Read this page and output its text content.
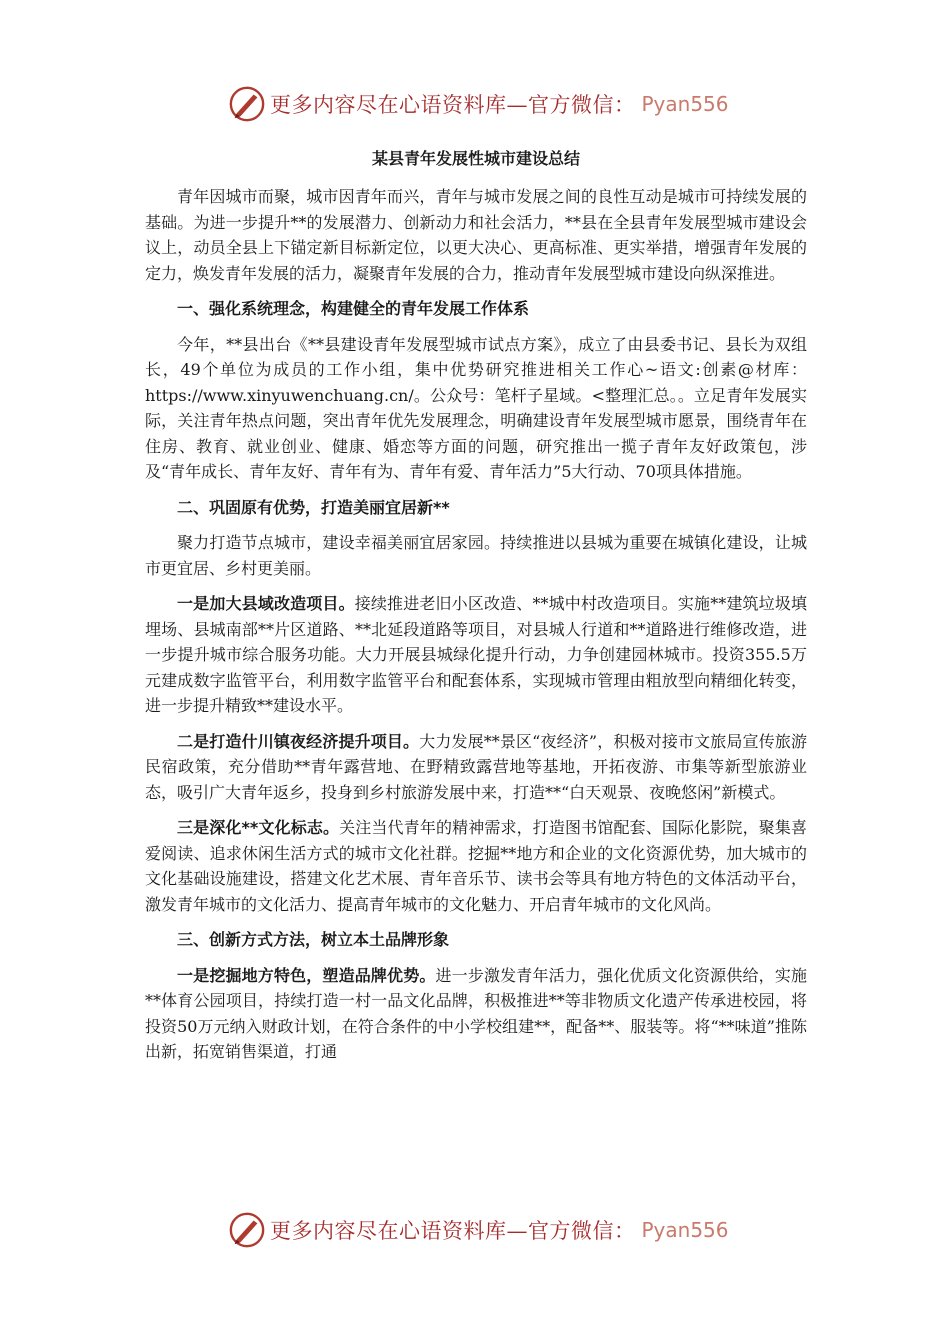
更多内容尽在心语资料库—官方微信： Pyan556
某县青年发展性城市建设总结

青年因城市而聚，城市因青年而兴，青年与城市发展之间的良性互动是城市可持续发展的基础。为进一步提升**的发展潜力、创新动力和社会活力，**县在全县青年发展型城市建设会议上，动员全县上下锚定新目标新定位，以更大决心、更高标准、更实举措，增强青年发展的定力，焕发青年发展的活力，凝聚青年发展的合力，推动青年发展型城市建设向纵深推进。

一、强化系统理念，构建健全的青年发展工作体系

今年，**县出台《**县建设青年发展型城市试点方案》，成立了由县委书记、县长为双组长，49个单位为成员的工作小组，集中优势研究推进相关工作心~语文:创素@材库：https://www.xinyuwenchuang.cn/。公众号：笔杆子星域。<整理汇总。。立足青年发展实际，关注青年热点问题，突出青年优先发展理念，明确建设青年发展型城市愿景，围绕青年在住房、教育、就业创业、健康、婚恋等方面的问题，研究推出一揽子青年友好政策包，涉及“青年成长、青年友好、青年有为、青年有爱、青年活力”5大行动、70项具体措施。

二、巩固原有优势，打造美丽宜居新**

聚力打造节点城市，建设幸福美丽宜居家园。持续推进以县城为重要在城镇化建设，让城市更宜居、乡村更美丽。

一是加大县域改造项目。接续推进老旧小区改造、**城中村改造项目。实施**建筑垃圾填埋场、县城南部**片区道路、**北延段道路等项目，对县城人行道和**道路进行维修改造，进一步提升城市综合服务功能。大力开展县城绿化提升行动，力争创建园林城市。投资355.5万元建成数字监管平台，利用数字监管平台和配套体系，实现城市管理由粗放型向精细化转变，进一步提升精致**建设水平。

二是打造什川镇夜经济提升项目。大力发展**景区“夜经济”，积极对接市文旅局宣传旅游民宿政策，充分借助**青年露营地、在野精致露营地等基地，开拓夜游、市集等新型旅游业态，吸引广大青年返乡，投身到乡村旅游发展中来，打造**“白天观景、夜晚悠闲”新模式。

三是深化**文化标志。关注当代青年的精神需求，打造图书馆配套、国际化影院，聚集喜爱阅读、追求休闲生活方式的城市文化社群。挖掘**地方和企业的文化资源优势，加大城市的文化基础设施建设，搭建文化艺术展、青年音乐节、读书会等具有地方特色的文体活动平台，激发青年城市的文化活力、提高青年城市的文化魅力、开启青年城市的文化风尚。

三、创新方式方法，树立本土品牌形象

一是挖掘地方特色，塑造品牌优势。进一步激发青年活力，强化优质文化资源供给，实施**体育公园项目，持续打造一村一品文化品牌，积极推进**等非物质文化遗产传承进校园，将投资50万元纳入财政计划，在符合条件的中小学校组建**，配备**、服装等。将“**味道”推陈出新，拓宽销售渠道，打通

更多内容尽在心语资料库—官方微信： Pyan556
